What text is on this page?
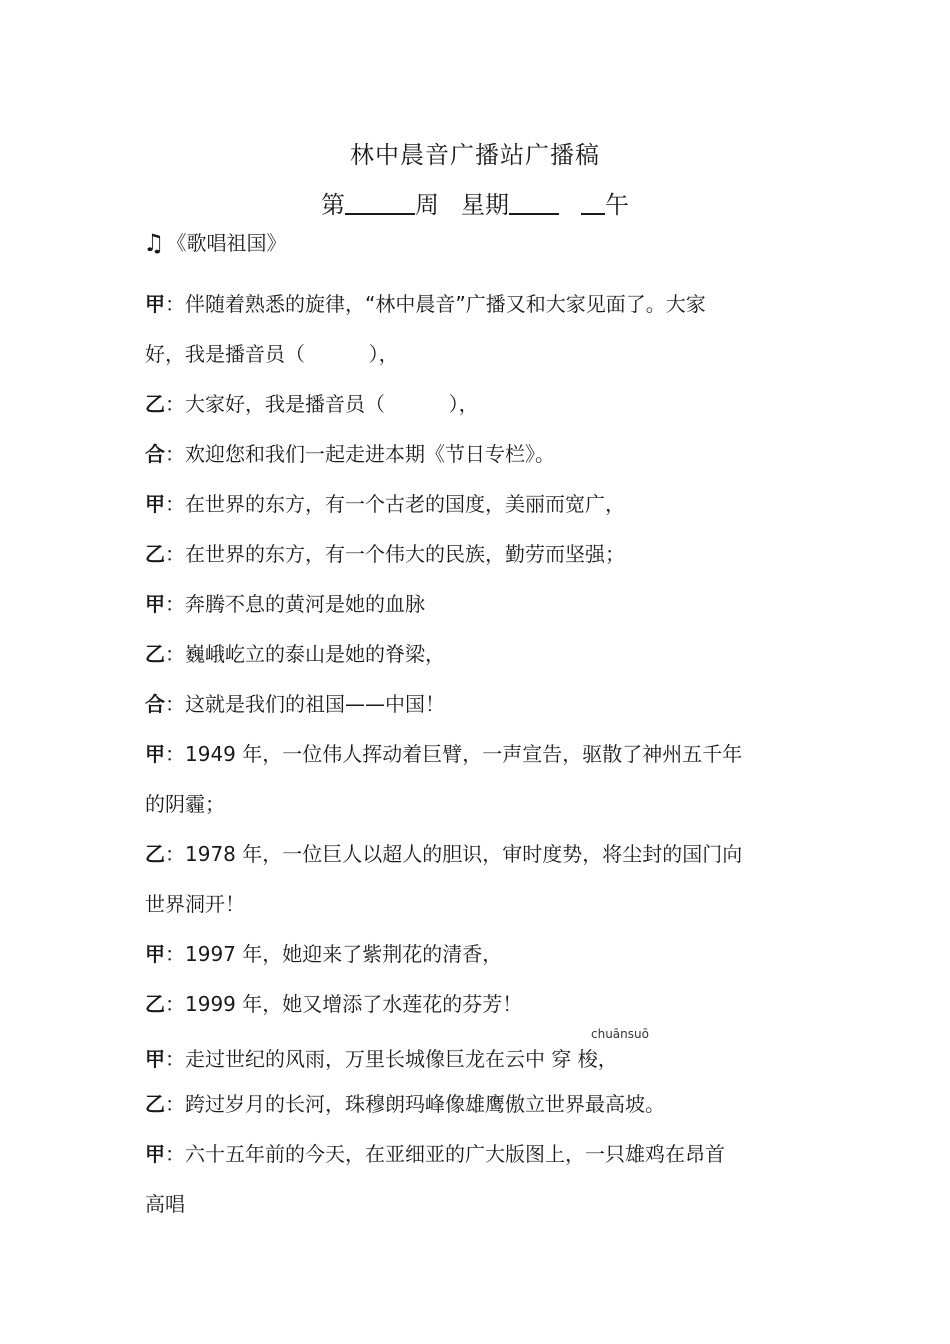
林中晨音广播站广播稿
第	周 星期	午
♫ 《歌唱祖国》
甲：伴随着熟悉的旋律，“林中晨音”广播又和大家见面了。大家
好，我是播音员（          ），
乙：大家好，我是播音员（          ），
合：欢迎您和我们一起走进本期《节日专栏》。
甲：在世界的东方，有一个古老的国度，美丽而宽广，
乙：在世界的东方，有一个伟大的民族，勤劳而坚强；
甲：奔腾不息的黄河是她的血脉
乙：巍峨屹立的泰山是她的脊梁，
合：这就是我们的祖国——中国！
甲：1949 年，一位伟人挥动着巨臂，一声宣告，驱散了神州五千年
的阴霾；
乙：1978 年，一位巨人以超人的胆识，审时度势，将尘封的国门向
世界洞开！
甲：1997 年，她迎来了紫荆花的清香，
乙：1999 年，她又增添了水莲花的芬芳！
甲：走过世纪的风雨，万里长城像巨龙在云中 穿 梭，
乙：跨过岁月的长河，珠穆朗玛峰像雄鹰傲立世界最高坡。
甲：六十五年前的今天，在亚细亚的广大版图上，一只雄鸡在昂首
高唱
chuānsuō
